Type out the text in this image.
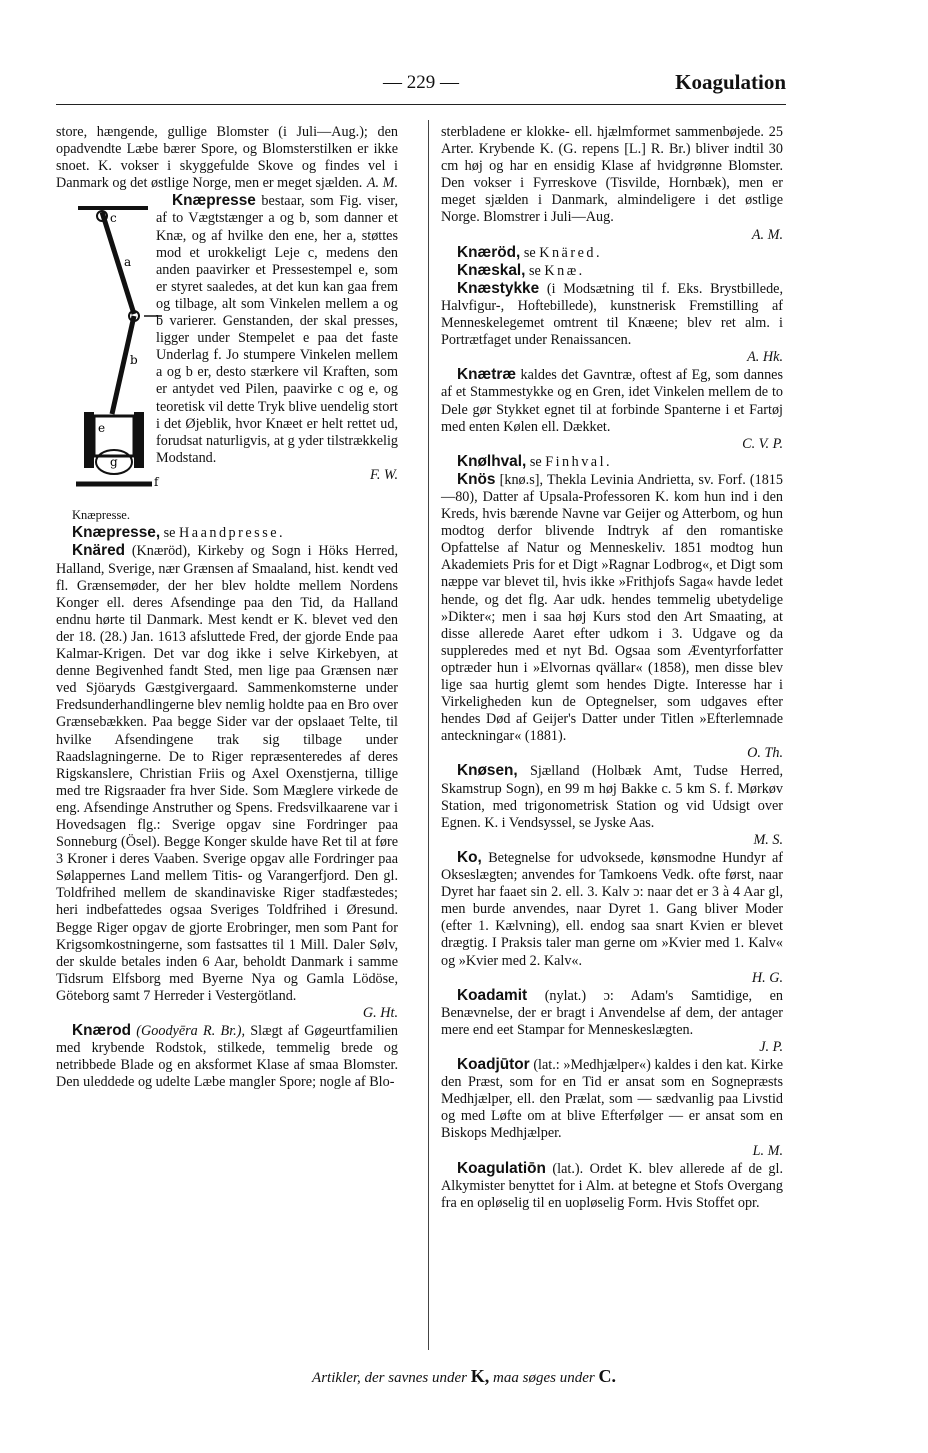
— 229 —	Koagulation

store, hængende, gullige Blomster (i Juli—Aug.); den opadvendte Læbe bærer Spore, og Blomsterstilken er ikke snoet. K. vokser i skyggefulde Skove og findes vel i Danmark og det østlige Norge, men er meget sjælden. A. M.

Knæpresse
c
a
b
e
g
f
Knæpresse.
bestaar, som Fig. viser, af to Vægtstænger a og b, som danner et Knæ, og af hvilke den ene, her a, støttes mod et urokkeligt Leje c, medens den anden paavirker et Pressestempel e, som er styret saaledes, at det kun kan gaa frem og tilbage, alt som Vinkelen mellem a og b varierer. Genstanden, der skal presses, ligger under Stempelet e paa det faste Underlag f. Jo stumpere Vinkelen mellem a og b er, desto stærkere vil Kraften, som er antydet ved Pilen, paavirke c og e, og teoretisk vil dette Tryk blive uendelig stort i det Øjeblik, hvor Knæet er helt rettet ud, forudsat naturligvis, at g yder tilstrækkelig Modstand.
F. W.

Knæpresse, se Haandpresse.

Knäred (Knæröd), Kirkeby og Sogn i Höks Herred, Halland, Sverige, nær Grænsen af Smaaland, hist. kendt ved fl. Grænsemøder, der her blev holdte mellem Nordens Konger ell. deres Afsendinge paa den Tid, da Halland endnu hørte til Danmark. Mest kendt er K. blevet ved den der 18. (28.) Jan. 1613 afsluttede Fred, der gjorde Ende paa Kalmar-Krigen. Det var dog ikke i selve Kirkebyen, at denne Begivenhed fandt Sted, men lige paa Grænsen nær ved Sjöaryds Gæstgivergaard. Sammenkomsterne under Fredsunderhandlingerne blev nemlig holdte paa en Bro over Grænsebækken. Paa begge Sider var der opslaaet Telte, til hvilke Afsendingene trak sig tilbage under Raadslagningerne. De to Riger repræsenteredes af deres Rigskanslere, Christian Friis og Axel Oxenstjerna, tillige med tre Rigsraader fra hver Side. Som Mæglere virkede de eng. Afsendinge Anstruther og Spens. Fredsvilkaarene var i Hovedsagen flg.: Sverige opgav sine Fordringer paa Sonneburg (Ösel). Begge Konger skulde have Ret til at føre 3 Kroner i deres Vaaben. Sverige opgav alle Fordringer paa Sølappernes Land mellem Titis- og Varangerfjord. Den gl. Toldfrihed mellem de skandinaviske Riger stadfæstedes; heri indbefattedes ogsaa Sveriges Toldfrihed i Øresund. Begge Riger opgav de gjorte Erobringer, men som Pant for Krigsomkostningerne, som fastsattes til 1 Mill. Daler Sølv, der skulde betales inden 6 Aar, beholdt Danmark i samme Tidsrum Elfsborg med Byerne Nya og Gamla Lödöse, Göteborg samt 7 Herreder i Vestergötland.
G. Ht.

Knærod (Goodyēra R. Br.), Slægt af Gøgeurtfamilien med krybende Rodstok, stilkede, temmelig brede og netribbede Blade og en aksformet Klase af smaa Blomster. Den uleddede og udelte Læbe mangler Spore; nogle af Blo-

sterbladene er klokke- ell. hjælmformet sammenbøjede. 25 Arter. Krybende K. (G. repens [L.] R. Br.) bliver indtil 30 cm høj og har en ensidig Klase af hvidgrønne Blomster. Den vokser i Fyrreskove (Tisvilde, Hornbæk), men er meget sjælden i Danmark, almindeligere i det østlige Norge. Blomstrer i Juli—Aug.
A. M.

Knæröd, se Knäred.

Knæskal, se Knæ.

Knæstykke (i Modsætning til f. Eks. Brystbillede, Halvfigur-, Hoftebillede), kunstnerisk Fremstilling af Menneskelegemet omtrent til Knæene; blev ret alm. i Portrætfaget under Renaissancen.
A. Hk.

Knætræ kaldes det Gavntræ, oftest af Eg, som dannes af et Stammestykke og en Gren, idet Vinkelen mellem de to Dele gør Stykket egnet til at forbinde Spanterne i et Fartøj med enten Kølen ell. Dækket.
C. V. P.

Knølhval, se Finhval.

Knös [knø.s], Thekla Levinia Andrietta, sv. Forf. (1815—80), Datter af Upsala-Professoren K. kom hun ind i den Kreds, hvis bærende Navne var Geijer og Atterbom, og hun modtog derfor blivende Indtryk af den romantiske Opfattelse af Natur og Menneskeliv. 1851 modtog hun Akademiets Pris for et Digt »Ragnar Lodbrog«, et Digt som næppe var blevet til, hvis ikke »Frithjofs Saga« havde ledet hende, og det flg. Aar udk. hendes temmelig ubetydelige »Dikter«; men i saa høj Kurs stod den Art Smaating, at disse allerede Aaret efter udkom i 3. Udgave og da suppleredes med et nyt Bd. Ogsaa som Æventyrforfatter optræder hun i »Elvornas qvällar« (1858), men disse blev lige saa hurtig glemt som hendes Digte. Interesse har i Virkeligheden kun de Optegnelser, som udgaves efter hendes Død af Geijer's Datter under Titlen »Efterlemnade anteckningar« (1881).
O. Th.

Knøsen, Sjælland (Holbæk Amt, Tudse Herred, Skamstrup Sogn), en 99 m høj Bakke c. 5 km S. f. Mørkøv Station, med trigonometrisk Station og vid Udsigt over Egnen. K. i Vendsyssel, se Jyske Aas.
M. S.

Ko, Betegnelse for udvoksede, kønsmodne Hundyr af Okseslægten; anvendes for Tamkoens Vedk. ofte først, naar Dyret har faaet sin 2. ell. 3. Kalv ɔ: naar det er 3 à 4 Aar gl, men burde anvendes, naar Dyret 1. Gang bliver Moder (efter 1. Kælvning), ell. endog saa snart Kvien er blevet drægtig. I Praksis taler man gerne om »Kvier med 1. Kalv« og »Kvier med 2. Kalv«.
H. G.

Koadamit (nylat.) ɔ: Adam's Samtidige, en Benævnelse, der er bragt i Anvendelse af dem, der antager mere end eet Stampar for Menneskeslægten.
J. P.

Koadjūtor (lat.: »Medhjælper«) kaldes i den kat. Kirke den Præst, som for en Tid er ansat som en Sognepræsts Medhjælper, ell. den Prælat, som — sædvanlig paa Livstid og med Løfte om at blive Efterfølger — er ansat som en Biskops Medhjælper.
L. M.

Koagulatiōn (lat.). Ordet K. blev allerede af de gl. Alkymister benyttet for i Alm. at betegne et Stofs Overgang fra en opløselig til en uopløselig Form. Hvis Stoffet opr.

Artikler, der savnes under K, maa søges under C.
